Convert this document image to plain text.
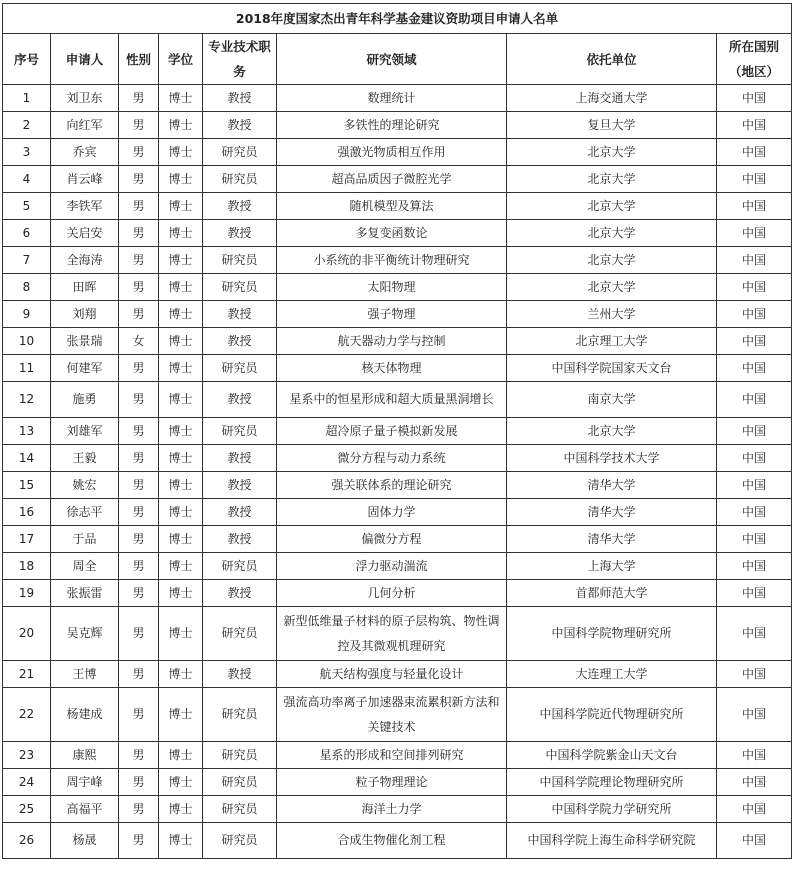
2018年度国家杰出青年科学基金建议资助项目申请人名单							
序号	申请人	性别	学位	专业技术职务	研究领域	依托单位	所在国别（地区）
1	刘卫东	男	博士	教授	数理统计	上海交通大学	中国
2	向红军	男	博士	教授	多铁性的理论研究	复旦大学	中国
3	乔宾	男	博士	研究员	强激光物质相互作用	北京大学	中国
4	肖云峰	男	博士	研究员	超高品质因子微腔光学	北京大学	中国
5	李铁军	男	博士	教授	随机模型及算法	北京大学	中国
6	关启安	男	博士	教授	多复变函数论	北京大学	中国
7	全海涛	男	博士	研究员	小系统的非平衡统计物理研究	北京大学	中国
8	田晖	男	博士	研究员	太阳物理	北京大学	中国
9	刘翔	男	博士	教授	强子物理	兰州大学	中国
10	张景瑞	女	博士	教授	航天器动力学与控制	北京理工大学	中国
11	何建军	男	博士	研究员	核天体物理	中国科学院国家天文台	中国
12	施勇	男	博士	教授	星系中的恒星形成和超大质量黑洞增长	南京大学	中国
13	刘雄军	男	博士	研究员	超冷原子量子模拟新发展	北京大学	中国
14	王毅	男	博士	教授	微分方程与动力系统	中国科学技术大学	中国
15	姚宏	男	博士	教授	强关联体系的理论研究	清华大学	中国
16	徐志平	男	博士	教授	固体力学	清华大学	中国
17	于品	男	博士	教授	偏微分方程	清华大学	中国
18	周全	男	博士	研究员	浮力驱动湍流	上海大学	中国
19	张振雷	男	博士	教授	几何分析	首都师范大学	中国
20	吴克辉	男	博士	研究员	新型低维量子材料的原子层构筑、物性调控及其微观机理研究	中国科学院物理研究所	中国
21	王博	男	博士	教授	航天结构强度与轻量化设计	大连理工大学	中国
22	杨建成	男	博士	研究员	强流高功率离子加速器束流累积新方法和关键技术	中国科学院近代物理研究所	中国
23	康熙	男	博士	研究员	星系的形成和空间排列研究	中国科学院紫金山天文台	中国
24	周宇峰	男	博士	研究员	粒子物理理论	中国科学院理论物理研究所	中国
25	高福平	男	博士	研究员	海洋土力学	中国科学院力学研究所	中国
26	杨晟	男	博士	研究员	合成生物催化剂工程	中国科学院上海生命科学研究院	中国
